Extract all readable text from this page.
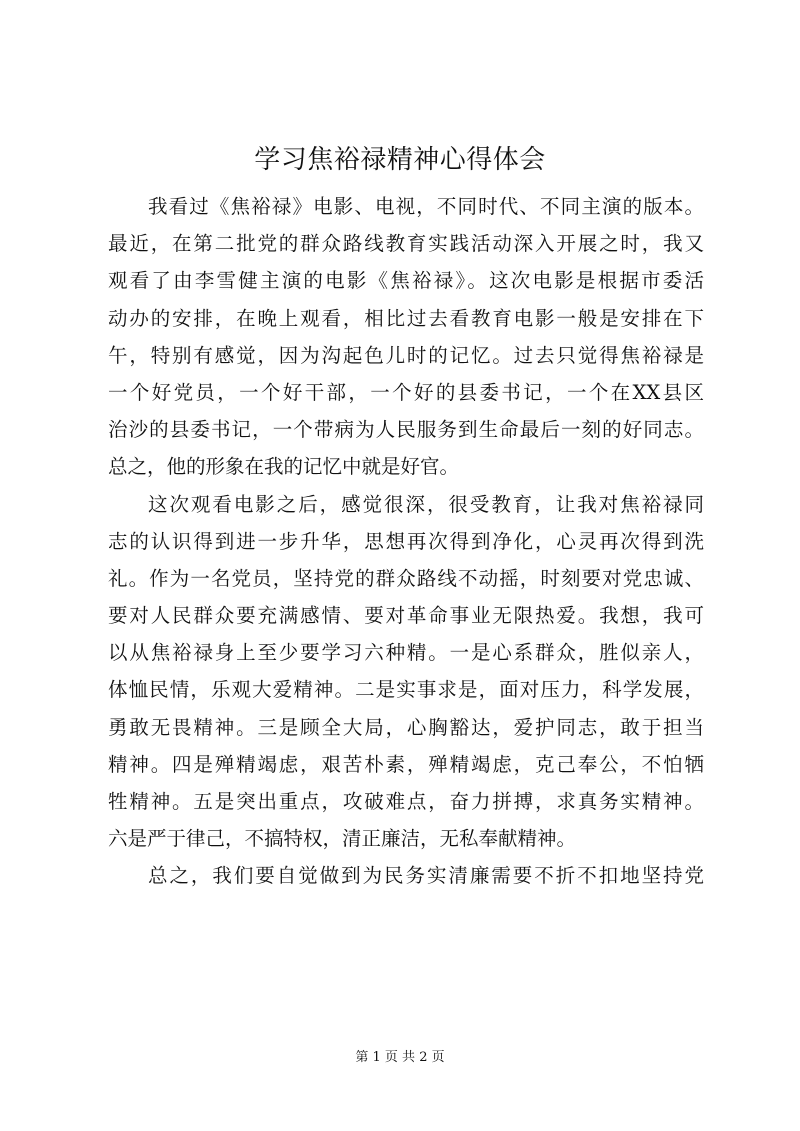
学习焦裕禄精神心得体会
我看过《焦裕禄》电影、电视，不同时代、不同主演的版本。
最近，在第二批党的群众路线教育实践活动深入开展之时，我又
观看了由李雪健主演的电影《焦裕禄》。这次电影是根据市委活
动办的安排，在晚上观看，相比过去看教育电影一般是安排在下
午，特别有感觉，因为沟起色儿时的记忆。过去只觉得焦裕禄是
一个好党员，一个好干部，一个好的县委书记，一个在XX县区
治沙的县委书记，一个带病为人民服务到生命最后一刻的好同志。
总之，他的形象在我的记忆中就是好官。
这次观看电影之后，感觉很深，很受教育，让我对焦裕禄同
志的认识得到进一步升华，思想再次得到净化，心灵再次得到洗
礼。作为一名党员，坚持党的群众路线不动摇，时刻要对党忠诚、
要对人民群众要充满感情、要对革命事业无限热爱。我想，我可
以从焦裕禄身上至少要学习六种精。一是心系群众，胜似亲人，
体恤民情，乐观大爱精神。二是实事求是，面对压力，科学发展，
勇敢无畏精神。三是顾全大局，心胸豁达，爱护同志，敢于担当
精神。四是殚精竭虑，艰苦朴素，殚精竭虑，克己奉公，不怕牺
牲精神。五是突出重点，攻破难点，奋力拼搏，求真务实精神。
六是严于律己，不搞特权，清正廉洁，无私奉献精神。
总之，我们要自觉做到为民务实清廉需要不折不扣地坚持党
第 1 页 共 2 页
